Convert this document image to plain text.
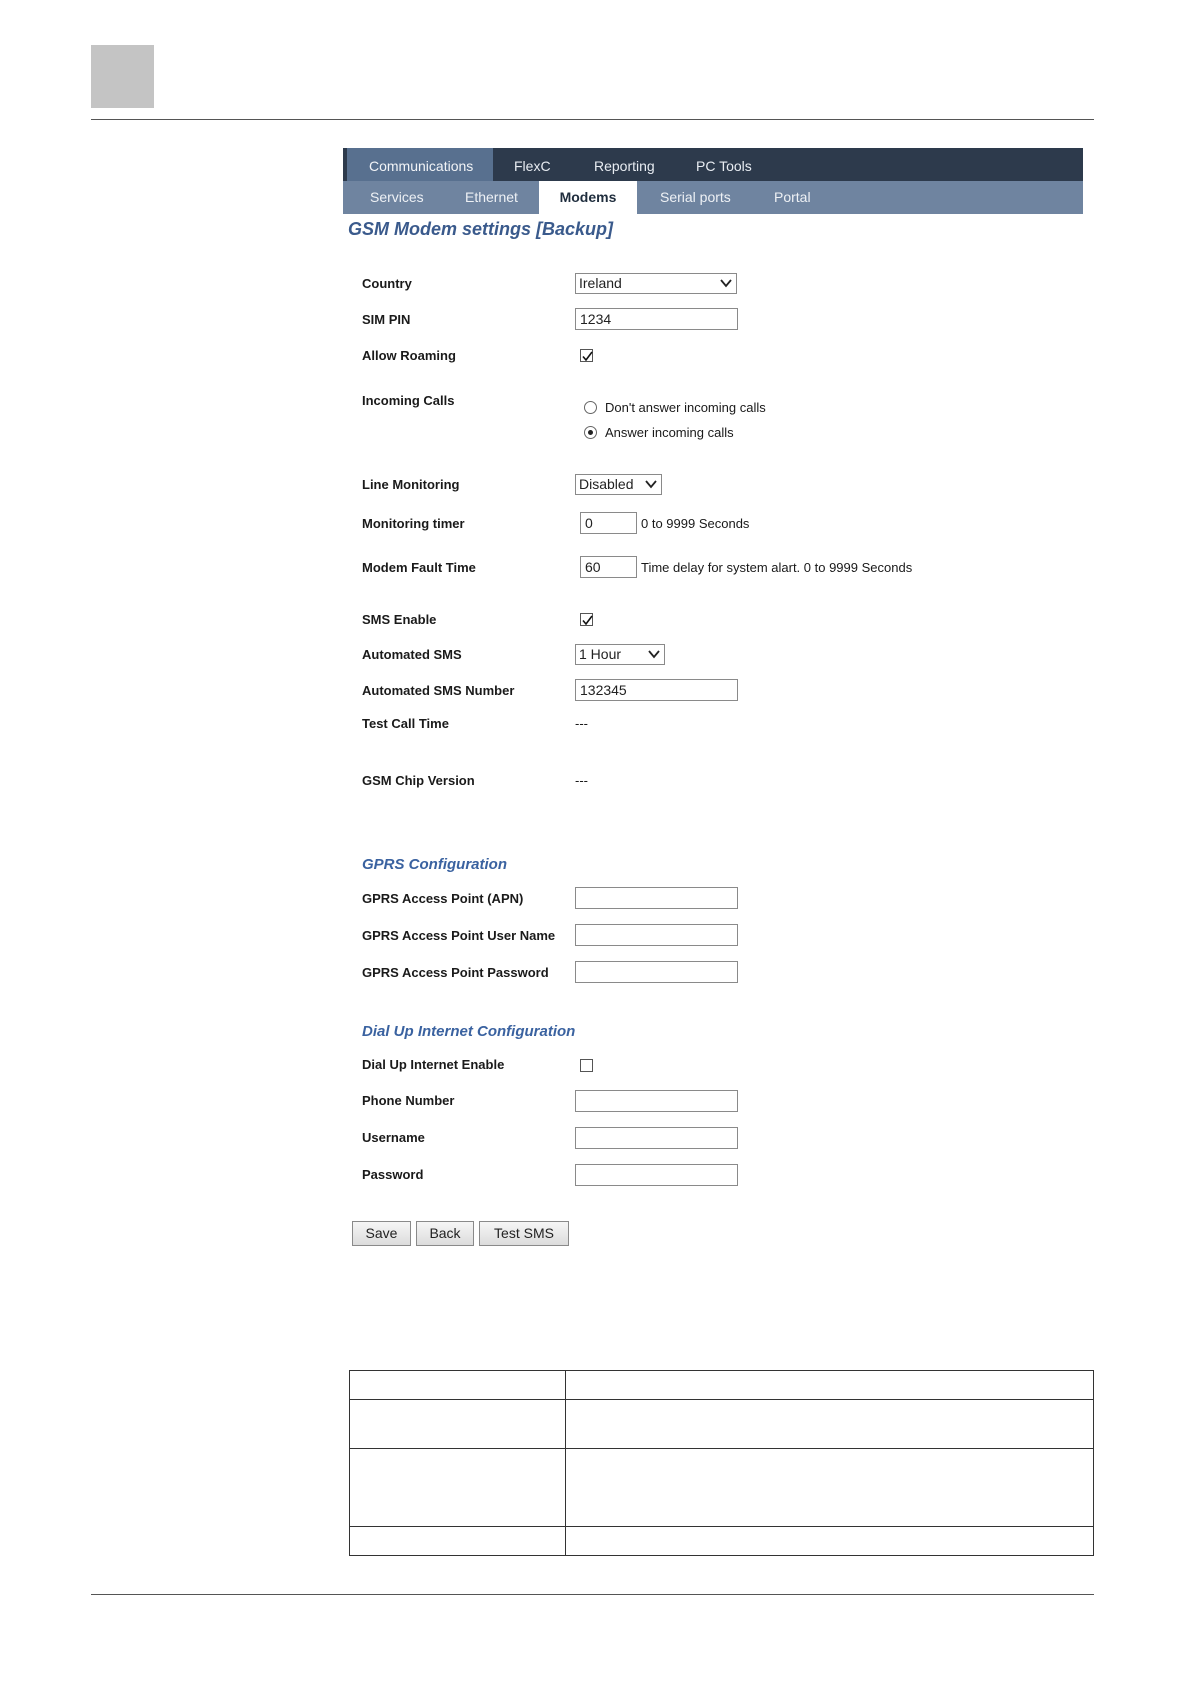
Communications	FlexC	Reporting	PC Tools
Services	Ethernet	Modems	Serial ports	Portal
GSM Modem settings [Backup]
Country	Ireland
SIM PIN	1234
Allow Roaming
Incoming Calls	Don't answer incoming calls
Answer incoming calls
Line Monitoring	Disabled
Monitoring timer	0	0 to 9999 Seconds
Modem Fault Time	60	Time delay for system alart. 0 to 9999 Seconds
SMS Enable
Automated SMS	1 Hour
Automated SMS Number	132345
Test Call Time	---
GSM Chip Version	---
GPRS Configuration
GPRS Access Point (APN)
GPRS Access Point User Name
GPRS Access Point Password
Dial Up Internet Configuration
Dial Up Internet Enable
Phone Number
Username
Password
Save	Back	Test SMS
